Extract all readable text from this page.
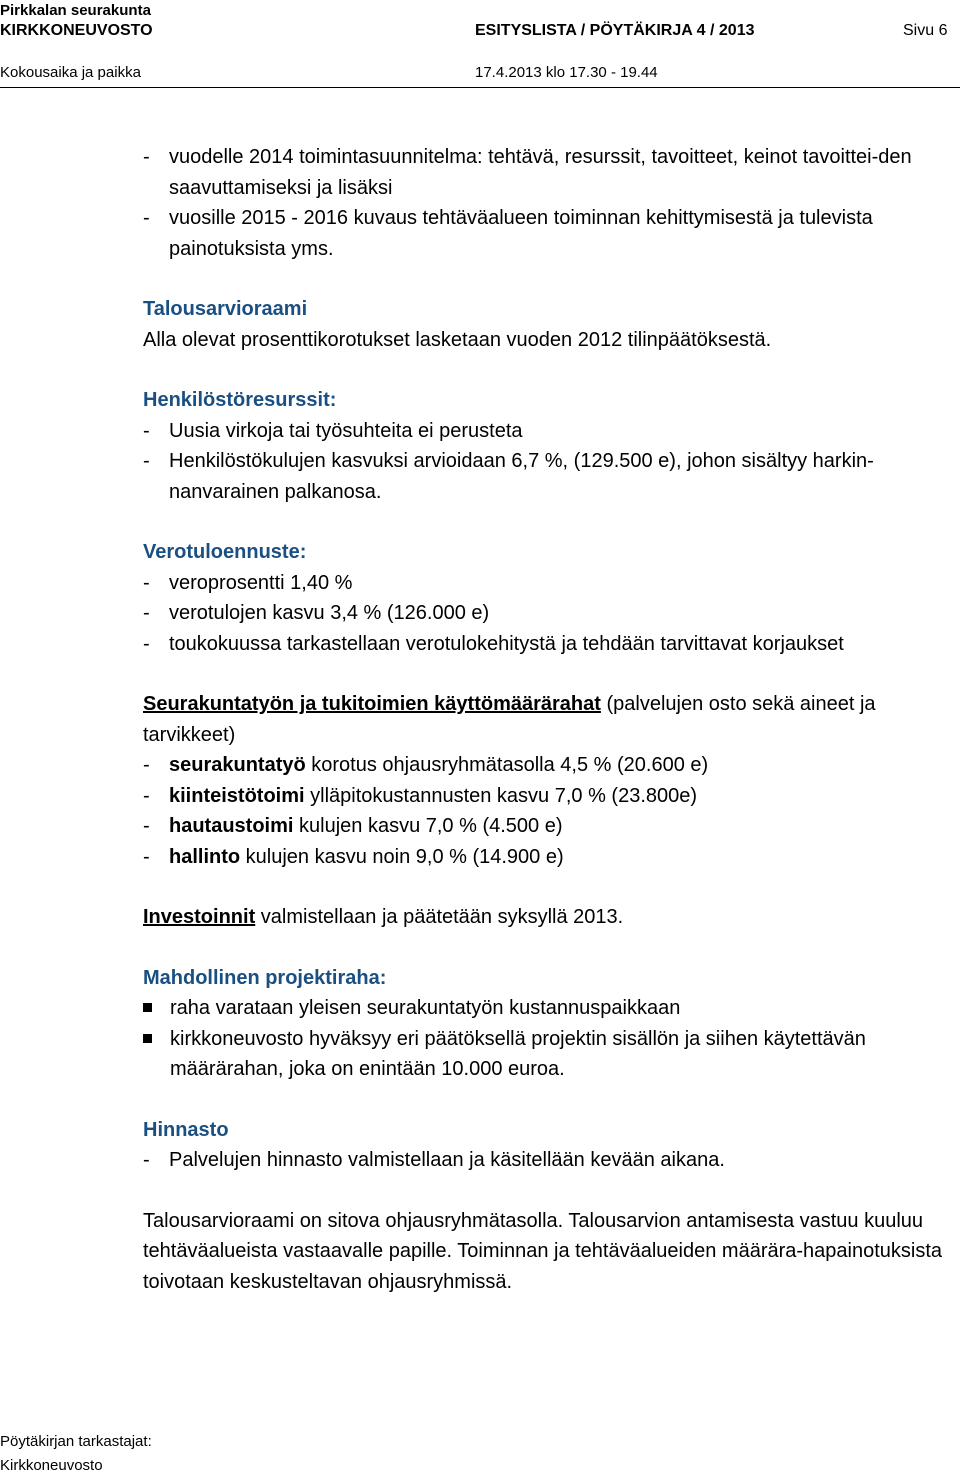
Pirkkalan seurakunta
KIRKKONEUVOSTO	ESITYSLISTA / PÖYTÄKIRJA 4 / 2013	Sivu 6
Kokousaika ja paikka	17.4.2013 klo 17.30 - 19.44

- vuodelle 2014 toimintasuunnitelma: tehtävä, resurssit, tavoitteet, keinot tavoittei-den saavuttamiseksi ja lisäksi

- vuosille 2015 - 2016 kuvaus tehtäväalueen toiminnan kehittymisestä ja tulevista painotuksista yms.

Talousarvioraami

Alla olevat prosenttikorotukset lasketaan vuoden 2012 tilinpäätöksestä.

Henkilöstöresurssit:

- Uusia virkoja tai työsuhteita ei perusteta

- Henkilöstökulujen kasvuksi arvioidaan 6,7 %, (129.500 e), johon sisältyy harkin-nanvarainen palkanosa.

Verotuloennuste:

- veroprosentti 1,40 %

- verotulojen kasvu 3,4 % (126.000 e)

- toukokuussa tarkastellaan verotulokehitystä ja tehdään tarvittavat korjaukset

Seurakuntatyön ja tukitoimien käyttömäärärahat (palvelujen osto sekä aineet ja tarvikkeet)

- seurakuntatyö korotus ohjausryhmätasolla 4,5 % (20.600 e)

- kiinteistötoimi ylläpitokustannusten kasvu 7,0 % (23.800e)

- hautaustoimi kulujen kasvu 7,0 % (4.500 e)

- hallinto kulujen kasvu noin 9,0 % (14.900 e)

Investoinnit valmistellaan ja päätetään syksyllä 2013.

Mahdollinen projektiraha:

raha varataan yleisen seurakuntatyön kustannuspaikkaan

kirkkoneuvosto hyväksyy eri päätöksellä projektin sisällön ja siihen käytettävän määrärahan, joka on enintään 10.000 euroa.

Hinnasto

- Palvelujen hinnasto valmistellaan ja käsitellään kevään aikana.

Talousarvioraami on sitova ohjausryhmätasolla. Talousarvion antamisesta vastuu kuuluu tehtäväalueista vastaavalle papille. Toiminnan ja tehtäväalueiden määrära-hapainotuksista toivotaan keskusteltavan ohjausryhmissä.

Pöytäkirjan tarkastajat:
Kirkkoneuvosto
